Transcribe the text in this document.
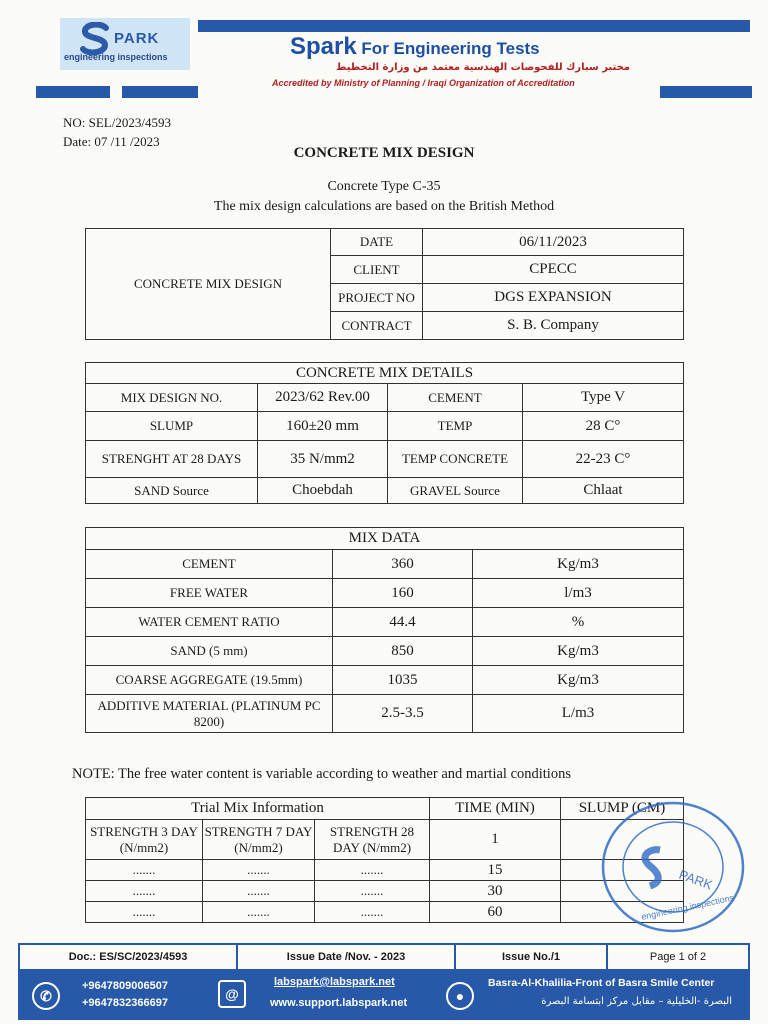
PARK
engineering inspections	Spark For Engineering Tests
مختبر سبارك للفحوصات الهندسية معتمد من وزارة التخطيط
Accredited by Ministry of Planning / Iraqi Organization of Accreditation
NO: SEL/2023/4593
Date: 07 /11 /2023
CONCRETE MIX DESIGN
Concrete Type C-35
The mix design calculations are based on the British Method
CONCRETE MIX DESIGN	DATE	06/11/2023
	CLIENT	CPECC
	PROJECT NO	DGS EXPANSION
	CONTRACT	S. B. Company
CONCRETE MIX DETAILS			
MIX DESIGN NO.	2023/62 Rev.00	CEMENT	Type V
SLUMP	160±20 mm	TEMP	28 C°
STRENGHT AT 28 DAYS	35 N/mm2	TEMP CONCRETE	22-23 C°
SAND Source	Choebdah	GRAVEL Source	Chlaat
MIX DATA		
CEMENT	360	Kg/m3
FREE WATER	160	l/m3
WATER CEMENT RATIO	44.4	%
SAND (5 mm)	850	Kg/m3
COARSE AGGREGATE (19.5mm)	1035	Kg/m3
ADDITIVE MATERIAL (PLATINUM PC 8200)	2.5-3.5	L/m3
NOTE: The free water content is variable according to weather and martial conditions
Trial Mix Information			TIME (MIN)	SLUMP (CM)
STRENGTH 3 DAY (N/mm2)	STRENGTH 7 DAY (N/mm2)	STRENGTH 28 DAY (N/mm2)	1	
.......	.......	.......	15	
.......	.......	.......	30	
.......	.......	.......	60	
PARK
engineering inspections
Doc.: ES/SC/2023/4593	Issue Date /Nov. - 2023	Issue No./1	Page 1 of 2
✆
+9647809006507
+9647832366697
@
labspark@labspark.net
www.support.labspark.net	●
Basra-Al-Khalilia-Front of Basra Smile Center
البصرة -الخليلية – مقابل مركز ابتسامة البصرة
